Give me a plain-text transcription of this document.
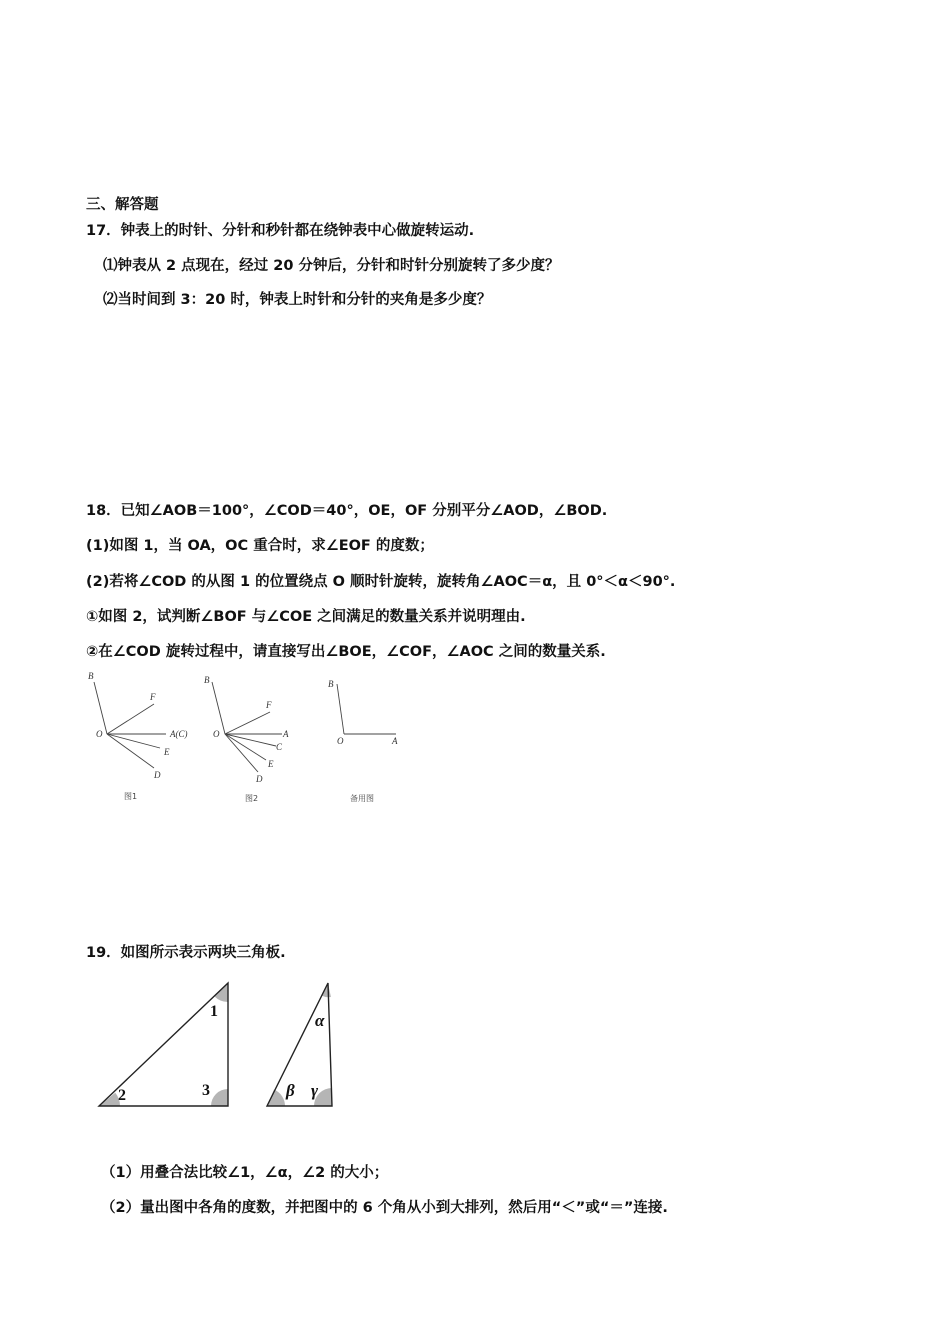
三、解答题
17．钟表上的时针、分针和秒针都在绕钟表中心做旋转运动.
⑴钟表从 2 点现在，经过 20 分钟后，分针和时针分别旋转了多少度？
⑵当时间到 3：20 时，钟表上时针和分针的夹角是多少度？
18．已知∠AOB＝100°，∠COD＝40°，OE，OF 分别平分∠AOD，∠BOD.
(1)如图 1，当 OA，OC 重合时，求∠EOF 的度数；
(2)若将∠COD 的从图 1 的位置绕点 O 顺时针旋转，旋转角∠AOC＝α，且 0°＜α＜90°.
①如图 2，试判断∠BOF 与∠COE 之间满足的数量关系并说明理由.
②在∠COD 旋转过程中，请直接写出∠BOE，∠COF，∠AOC 之间的数量关系.
B
F
O	A(C)
E
D
图1
B
F
O	A
C
E
D
图2
B
O	A
备用图
19．如图所示表示两块三角板.
1
2	3
α
β γ
（1）用叠合法比较∠1，∠α，∠2 的大小；
（2）量出图中各角的度数，并把图中的 6 个角从小到大排列，然后用“＜”或“＝”连接.
